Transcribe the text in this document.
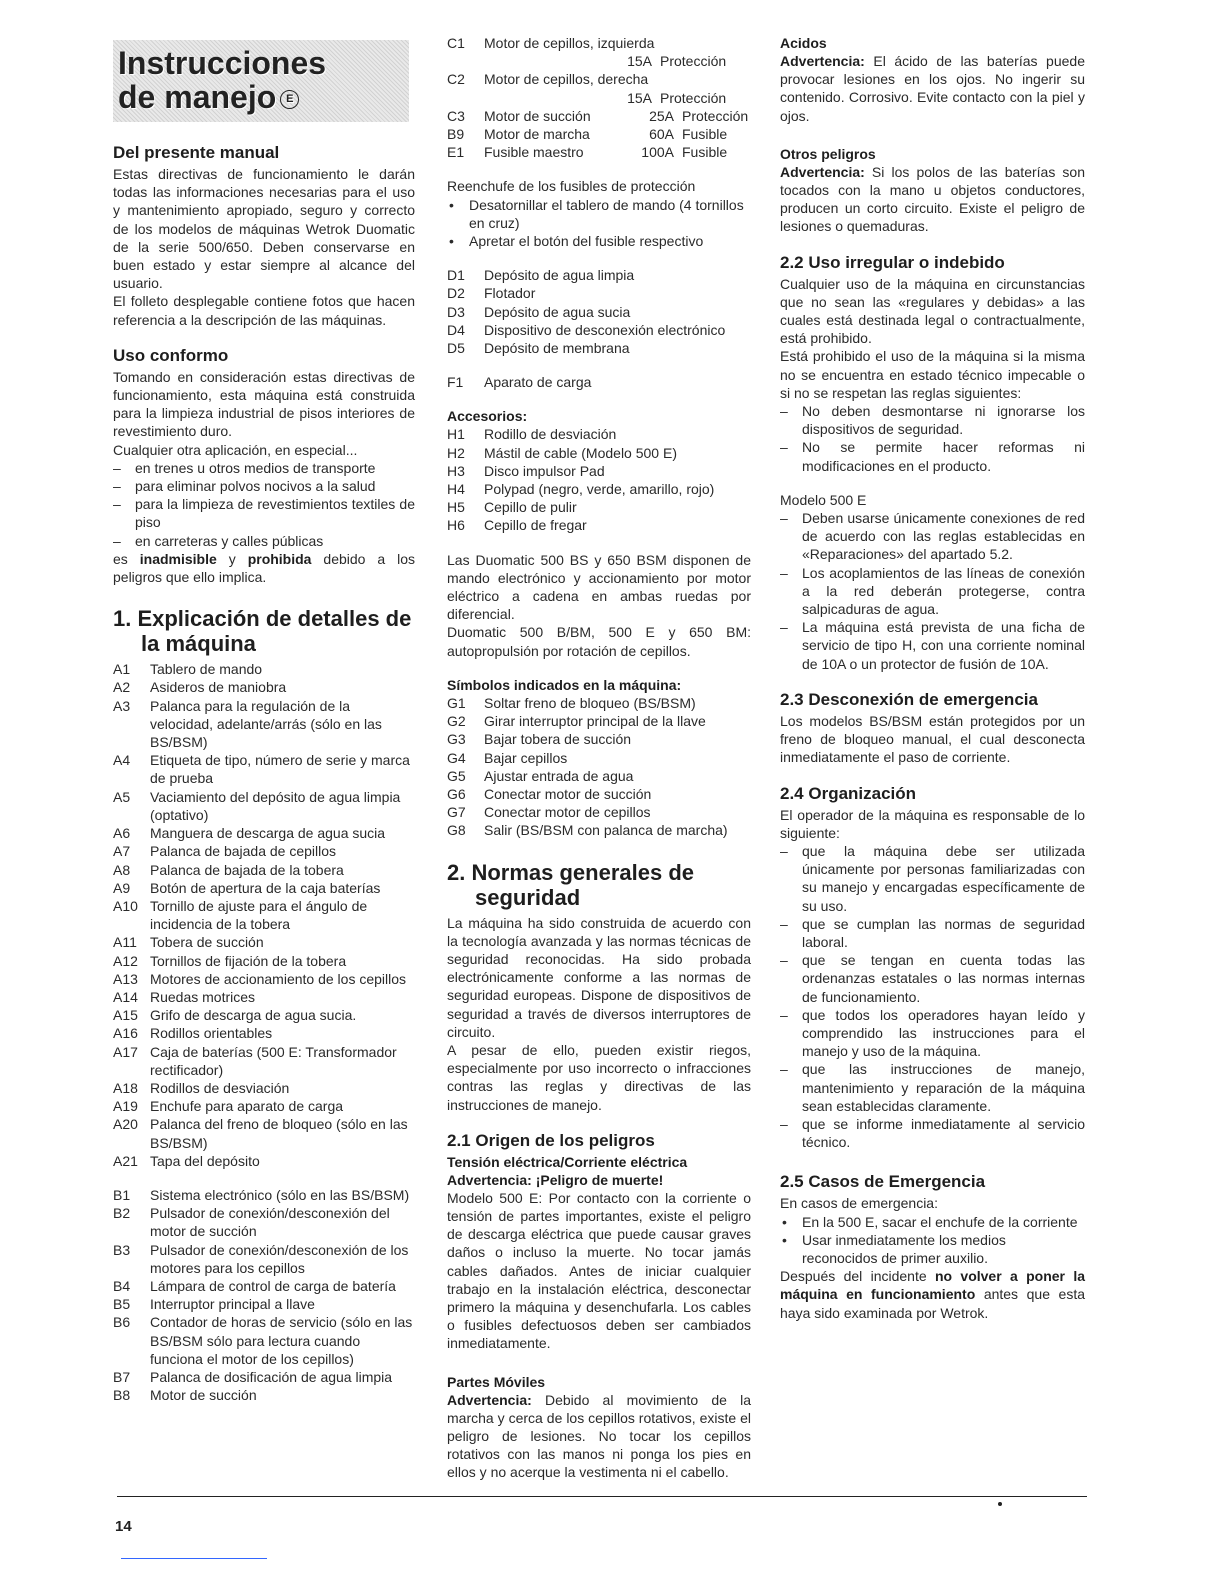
Instrucciones de manejo E
Del presente manual

Estas directivas de funcionamiento le darán todas las informaciones necesarias para el uso y mantenimiento apropiado, seguro y correcto de los modelos de máquinas Wetrok Duomatic de la serie 500/650. Deben conservarse en buen estado y estar siempre al alcance del usuario.

El folleto desplegable contiene fotos que hacen referencia a la descripción de las máquinas.

Uso conformo

Tomando en consideración estas directivas de funcionamiento, esta máquina está construida para la limpieza industrial de pisos interiores de revestimiento duro.

Cualquier otra aplicación, en especial...

–	en trenes u otros medios de transporte
–	para eliminar polvos nocivos a la salud
–	para la limpieza de revestimientos textiles de piso
–	en carreteras y calles públicas

es inadmisible y prohibida debido a los peligros que ello implica.

1. Explicación de detalles de la máquina
A1	Tablero de mando
A2	Asideros de maniobra
A3	Palanca para la regulación de la velocidad, adelante/arrás (sólo en las BS/BSM)
A4	Etiqueta de tipo, número de serie y marca de prueba
A5	Vaciamiento del depósito de agua limpia (optativo)
A6	Manguera de descarga de agua sucia
A7	Palanca de bajada de cepillos
A8	Palanca de bajada de la tobera
A9	Botón de apertura de la caja baterías
A10 Tornillo de ajuste para el ángulo de incidencia de la tobera
A11 Tobera de succión
A12 Tornillos de fijación de la tobera
A13 Motores de accionamiento de los cepillos
A14 Ruedas motrices
A15 Grifo de descarga de agua sucia.
A16 Rodillos orientables
A17 Caja de baterías (500 E: Transformador rectificador)
A18 Rodillos de desviación
A19 Enchufe para aparato de carga
A20 Palanca del freno de bloqueo (sólo en las BS/BSM)
A21 Tapa del depósito
B1	Sistema electrónico (sólo en las BS/BSM)
B2	Pulsador de conexión/desconexión del motor de succión
B3	Pulsador de conexión/desconexión de los motores para los cepillos
B4	Lámpara de control de carga de batería
B5	Interruptor principal a llave
B6	Contador de horas de servicio (sólo en las BS/BSM sólo para lectura cuando funciona el motor de los cepillos)
B7	Palanca de dosificación de agua limpia
B8	Motor de succión
C1	Motor de cepillos, izquierda
15A Protección
C2	Motor de cepillos, derecha
15A Protección
C3	Motor de succión	25A Protección
B9	Motor de marcha	60A Fusible
E1	Fusible maestro	100A Fusible

Reenchufe de los fusibles de protección

•	Desatornillar el tablero de mando (4 tornillos en cruz)
•	Apretar el botón del fusible respectivo
D1	Depósito de agua limpia
D2	Flotador
D3	Depósito de agua sucia
D4	Dispositivo de desconexión electrónico
D5	Depósito de membrana
F1	Aparato de carga
Accesorios:
H1	Rodillo de desviación
H2	Mástil de cable (Modelo 500 E)
H3	Disco impulsor Pad
H4	Polypad (negro, verde, amarillo, rojo)
H5	Cepillo de pulir
H6	Cepillo de fregar

Las Duomatic 500 BS y 650 BSM disponen de mando electrónico y accionamiento por motor eléctrico a cadena en ambas ruedas por diferencial.

Duomatic 500 B/BM, 500 E y 650 BM: autopropulsión por rotación de cepillos.

Símbolos indicados en la máquina:
G1	Soltar freno de bloqueo (BS/BSM)
G2	Girar interruptor principal de la llave
G3	Bajar tobera de succión
G4	Bajar cepillos
G5	Ajustar entrada de agua
G6	Conectar motor de succión
G7	Conectar motor de cepillos
G8	Salir (BS/BSM con palanca de marcha)
2. Normas generales de seguridad

La máquina ha sido construida de acuerdo con la tecnología avanzada y las normas técnicas de seguridad reconocidas. Ha sido probada electrónicamente conforme a las normas de seguridad europeas. Dispone de dispositivos de seguridad a través de diversos interruptores de circuito.

A pesar de ello, pueden existir riegos, especialmente por uso incorrecto o infracciones contras las reglas y directivas de las instrucciones de manejo.

2.1 Origen de los peligros
Tensión eléctrica/Corriente eléctrica
Advertencia: ¡Peligro de muerte!

Modelo 500 E: Por contacto con la corriente o tensión de partes importantes, existe el peligro de descarga eléctrica que puede causar graves daños o incluso la muerte. No tocar jamás cables dañados. Antes de iniciar cualquier trabajo en la instalación eléctrica, desconectar primero la máquina y desenchufarla. Los cables o fusibles defectuosos deben ser cambiados inmediatamente.

Partes Móviles

Advertencia: Debido al movimiento de la marcha y cerca de los cepillos rotativos, existe el peligro de lesiones. No tocar los cepillos rotativos con las manos ni ponga los pies en ellos y no acerque la vestimenta ni el cabello.

Acidos

Advertencia: El ácido de las baterías puede provocar lesiones en los ojos. No ingerir su contenido. Corrosivo. Evite contacto con la piel y ojos.

Otros peligros

Advertencia: Si los polos de las baterías son tocados con la mano u objetos conductores, producen un corto circuito. Existe el peligro de lesiones o quemaduras.

2.2 Uso irregular o indebido

Cualquier uso de la máquina en circunstancias que no sean las «regulares y debidas» a las cuales está destinada legal o contractualmente, está prohibido.

Está prohibido el uso de la máquina si la misma no se encuentra en estado técnico impecable o si no se respetan las reglas siguientes:

–	No deben desmontarse ni ignorarse los dispositivos de seguridad.
–	No se permite hacer reformas ni modificaciones en el producto.

Modelo 500 E

–	Deben usarse únicamente conexiones de red de acuerdo con las reglas establecidas en «Reparaciones» del apartado 5.2.
–	Los acoplamientos de las líneas de conexión a la red deberán protegerse, contra salpicaduras de agua.
–	La máquina está prevista de una ficha de servicio de tipo H, con una corriente nominal de 10A o un protector de fusión de 10A.
2.3 Desconexión de emergencia

Los modelos BS/BSM están protegidos por un freno de bloqueo manual, el cual desconecta inmediatamente el paso de corriente.

2.4 Organización

El operador de la máquina es responsable de lo siguiente:

–	que la máquina debe ser utilizada únicamente por personas familiarizadas con su manejo y encargadas específicamente de su uso.
–	que se cumplan las normas de seguridad laboral.
–	que se tengan en cuenta todas las ordenanzas estatales o las normas internas de funcionamiento.
–	que todos los operadores hayan leído y comprendido las instrucciones para el manejo y uso de la máquina.
–	que las instrucciones de manejo, mantenimiento y reparación de la máquina sean establecidas claramente.
–	que se informe inmediatamente al servicio técnico.
2.5 Casos de Emergencia

En casos de emergencia:

•	En la 500 E, sacar el enchufe de la corriente
•	Usar inmediatamente los medios reconocidos de primer auxilio.

Después del incidente no volver a poner la máquina en funcionamiento antes que esta haya sido examinada por Wetrok.

14
